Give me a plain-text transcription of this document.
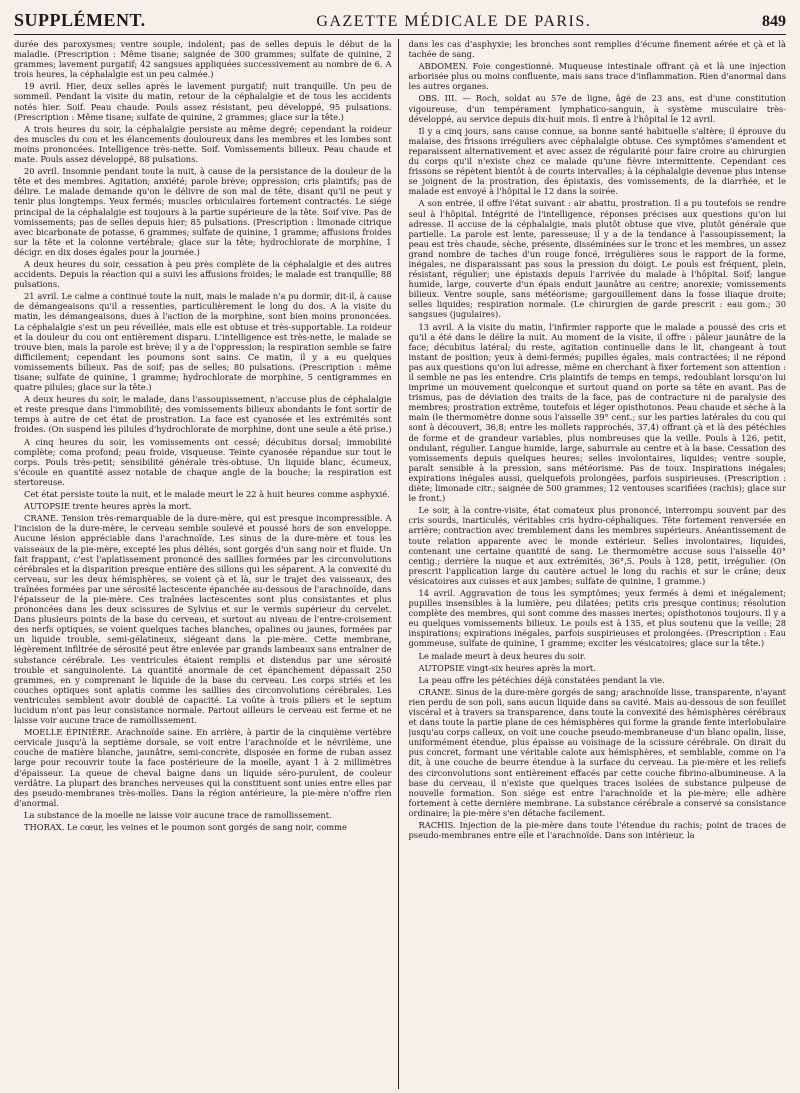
SUPPLÉMENT.	GAZETTE MÉDICALE DE PARIS.	849

durée des paroxysmes; ventre souple, indolent; pas de selles depuis le début de la maladie. (Prescription : Même tisane; saignée de 300 grammes; sulfate de quinine, 2 grammes; lavement purgatif; 42 sangsues appliquées successivement au nombre de 6. A trois heures, la céphalalgie est un peu calmée.)

19 avril. Hier, deux selles après le lavement purgatif; nuit tranquille. Un peu de sommeil. Pendant la visite du matin, retour de la céphalalgie et de tous les accidents notés hier. Soif. Peau chaude. Pouls assez résistant, peu développé, 95 pulsations. (Prescription : Même tisane; sulfate de quinine, 2 grammes; glace sur la tête.)

A trois heures du soir, la céphalalgie persiste au même degré; cependant la roideur des muscles du cou et les élancements douloureux dans les membres et les lombes sont moins prononcées. Intelligence très-nette. Soif. Vomissements bilieux. Peau chaude et mate. Pouls assez développé, 88 pulsations.

20 avril. Insomnie pendant toute la nuit, à cause de la persistance de la douleur de la tête et des membres. Agitation; anxiété; parole brève; oppression; cris plaintifs; pas de délire. Le malade demande qu'on le délivre de son mal de tête, disant qu'il ne peut y tenir plus longtemps. Yeux fermés; muscles orbiculaires fortement contractés. Le siége principal de la céphalalgie est toujours à la partie supérieure de la tête. Soif vive. Pas de vomissements; pas de selles depuis hier; 85 pulsations. (Prescription : limonade citrique avec bicarbonate de potasse, 6 grammes; sulfate de quinine, 1 gramme; affusions froides sur la tête et la colonne vertébrale; glace sur la tête; hydrochlorate de morphine, 1 décigr. en dix doses égales pour la journée.)

A deux heures du soir, cessation à peu près complète de la céphalalgie et des autres accidents. Depuis la réaction qui a suivi les affusions froides; le malade est tranquille; 88 pulsations.

21 avril. Le calme a continué toute la nuit, mais le malade n'a pu dormir, dit-il, à cause de démangeaisons qu'il a ressenties, particulièrement le long du dos. A la visite du matin, les démangeaisons, dues à l'action de la morphine, sont bien moins prononcées. La céphalalgie s'est un peu réveillée, mais elle est obtuse et très-supportable. La roideur et la douleur du cou ont entièrement disparu. L'intelligence est très-nette, le malade se trouve bien, mais la parole est brève; il y a de l'oppression; la respiration semble se faire difficilement; cependant les poumons sont sains. Ce matin, il y a eu quelques vomissements bilieux. Pas de soif; pas de selles; 80 pulsations. (Prescription : même tisane; sulfate de quinine, 1 gramme; hydrochlorate de morphine, 5 centigrammes en quatre pilules; glace sur la tête.)

A deux heures du soir, le malade, dans l'assoupissement, n'accuse plus de céphalalgie et reste presque dans l'immobilité; des vomissements bilieux abondants le font sortir de temps à autre de cet état de prostration. La face est cyanosée et les extrémités sont froides. (On suspend les pilules d'hydrochlorate de morphine, dont une seule a été prise.)

A cinq heures du soir, les vomissements ont cessé; décubitus dorsal; immobilité complète; coma profond; peau froide, visqueuse. Teinte cyanosée répandue sur tout le corps. Pouls très-petit; sensibilité générale très-obtuse. Un liquide blanc, écumeux, s'écoule en quantité assez notable de chaque angle de la bouche; la respiration est stertoreuse.

Cet état persiste toute la nuit, et le malade meurt le 22 à huit heures comme asphyxié.

AUTOPSIE trente heures après la mort.

CRANE. Tension très-remarquable de la dure-mère, qui est presque incompressible. A l'incision de la dure-mère, le cerveau semble soulevé et poussé hors de son enveloppe. Aucune lésion appréciable dans l'arachnoïde. Les sinus de la dure-mère et tous les vaisseaux de la pie-mère, excepté les plus déliés, sont gorgés d'un sang noir et fluide. Un fait frappant, c'est l'aplatissement prononcé des saillies formées par les circonvolutions cérébrales et la disparition presque entière des sillons qui les séparent. A la convexité du cerveau, sur les deux hémisphères, se voient çà et là, sur le trajet des vaisseaux, des traînées formées par une sérosité lactescente épanchée au-dessous de l'arachnoïde, dans l'épaisseur de la pie-mère. Ces traînées lactescentes sont plus consistantes et plus prononcées dans les deux scissures de Sylvius et sur le vermis supérieur du cervelet. Dans plusieurs points de la base du cerveau, et surtout au niveau de l'entre-croisement des nerfs optiques, se voient quelques taches blanches, opalines ou jaunes, formées par un liquide trouble, semi-gélatineux, siégeant dans la pie-mère. Cette membrane, légèrement infiltrée de sérosité peut être enlevée par grands lambeaux sans entraîner de substance cérébrale. Les ventricules étaient remplis et distendus par une sérosité trouble et sanguinolente. La quantité anormale de cet épanchement dépassait 250 grammes, en y comprenant le liquide de la base du cerveau. Les corps striés et les couches optiques sont aplatis comme les saillies des circonvolutions cérébrales. Les ventricules semblent avoir doublé de capacité. La voûte à trois piliers et le septum lucidum n'ont pas leur consistance normale. Partout ailleurs le cerveau est ferme et ne laisse voir aucune trace de ramollissement.

MOELLE ÉPINIÈRE. Arachnoïde saine. En arrière, à partir de la cinquième vertèbre cervicale jusqu'à la septième dorsale, se voit entre l'arachnoïde et le névrilème, une couche de matière blanche, jaunâtre, semi-concrète, disposée en forme de ruban assez large pour recouvrir toute la face postérieure de la moelle, ayant 1 à 2 millimètres d'épaisseur. La queue de cheval baigne dans un liquide séro-purulent, de couleur verdâtre. La plupart des branches nerveuses qui la constituent sont unies entre elles par des pseudo-membranes très-molles. Dans la région antérieure, la pie-mère n'offre rien d'anormal.

La substance de la moelle ne laisse voir aucune trace de ramollissement.

THORAX. Le cœur, les veines et le poumon sont gorgés de sang noir, comme

dans les cas d'asphyxie; les bronches sont remplies d'écume finement aérée et çà et là tachée de sang.

ABDOMEN. Foie congestionné. Muqueuse intestinale offrant çà et là une injection arborisée plus ou moins confluente, mais sans trace d'inflammation. Rien d'anormal dans les autres organes.

OBS. III. — Roch, soldat au 57e de ligne, âgé de 23 ans, est d'une constitution vigoureuse, d'un tempérament lymphatico-sanguin, à système musculaire très-développé, au service depuis dix-huit mois. Il entre à l'hôpital le 12 avril.

Il y a cinq jours, sans cause connue, sa bonne santé habituelle s'altère; il éprouve du malaise, des frissons irréguliers avec céphalalgie obtuse. Ces symptômes s'amendent et reparaissent alternativement et avec assez de régularité pour faire croire au chirurgien du corps qu'il n'existe chez ce malade qu'une fièvre intermittente. Cependant ces frissons se répètent bientôt à de courts intervalles; à la céphalalgie devenue plus intense se joignent de la prostration, des épistaxis, des vomissements, de la diarrhée, et le malade est envoyé à l'hôpital le 12 dans la soirée.

A son entrée, il offre l'état suivant : air abattu, prostration. Il a pu toutefois se rendre seul à l'hôpital. Intégrité de l'intelligence, réponses précises aux questions qu'on lui adresse. Il accuse de la céphalalgie, mais plutôt obtuse que vive, plutôt générale que partielle. La parole est lente, paresseuse; il y a de la tendance à l'assoupissement; la peau est très chaude, sèche, présente, disséminées sur le tronc et les membres, un assez grand nombre de taches d'un rouge foncé, irrégulières sous le rapport de la forme, inégales, ne disparaissant pas sous la pression du doigt. Le pouls est fréquent, plein, résistant, régulier; une épistaxis depuis l'arrivée du malade à l'hôpital. Soif; langue humide, large, couverte d'un épais enduit jaunâtre au centre; anorexie; vomissements bilieux. Ventre souple, sans météorisme; gargouillement dans la fosse iliaque droite; selles liquides; respiration normale. (Le chirurgien de garde prescrit : eau gom.; 30 sangsues (jugulaires).

13 avril. A la visite du matin, l'infirmier rapporte que le malade a poussé des cris et qu'il a été dans le délire la nuit. Au moment de la visite, il offre : pâleur jaunâtre de la face; décubitus latéral; du reste, agitation continuelle dans le lit, changeant à tout instant de position; yeux à demi-fermés; pupilles égales, mais contractées; il ne répond pas aux questions qu'on lui adresse, même en cherchant à fixer fortement son attention : il semble ne pas les entendre. Cris plaintifs de temps en temps, redoublant lorsqu'on lui imprime un mouvement quelconque et surtout quand on porte sa tête en avant. Pas de trismus, pas de déviation des traits de la face, pas de contracture ni de paralysie des membres; prostration extrême, toutefois et léger opisthotonos. Peau chaude et sèche à la main (le thermomètre donne sous l'aisselle 39° cent.; sur les parties latérales du cou qui sont à découvert, 36,8; entre les mollets rapprochés, 37,4) offrant çà et là des pétéchies de forme et de grandeur variables, plus nombreuses que la veille. Pouls à 126, petit, ondulant, régulier. Langue humide, large, saburrale au centre et à la base. Cessation des vomissements depuis quelques heures; selles involontaires, liquides; ventre souple, paraît sensible à la pression, sans météorisme. Pas de toux. Inspirations inégales; expirations inégales aussi, quelquefois prolongées, parfois suspirieuses. (Prescription : diète; limonade citr.; saignée de 500 grammes; 12 ventouses scarifiées (rachis); glace sur le front.)

Le soir, à la contre-visite, état comateux plus prononcé, interrompu souvent par des cris sourds, inarticulés, véritables cris hydro-céphaliques. Tête fortement renversée en arrière; contraction avec tremblement dans les membres supérieurs. Anéantissement de toute relation apparente avec le monde extérieur. Selles involontaires, liquides, contenant une certaine quantité de sang. Le thermomètre accuse sous l'aisselle 40° centig.; derrière la nuque et aux extrémités, 36°,5. Pouls à 128, petit, irrégulier. (On prescrit l'application large du cautère actuel le long du rachis et sur le crâne; deux vésicatoires aux cuisses et aux jambes; sulfate de quinine, 1 gramme.)

14 avril. Aggravation de tous les symptômes; yeux fermés à demi et inégalement; pupilles insensibles à la lumière, peu dilatées; petits cris presque continus; résolution complète des membres, qui sont comme des masses inertes; opisthotonos toujours. Il y a eu quelques vomissements bilieux. Le pouls est à 135, et plus soutenu que la veille; 28 inspirations; expirations inégales, parfois suspirieuses et prolongées. (Prescription : Eau gommeuse, sulfate de quinine, 1 gramme; exciter les vésicatoires; glace sur la tête.)

Le malade meurt à deux heures du soir.

AUTOPSIE vingt-six heures après la mort.

La peau offre les pétéchies déjà constatées pendant la vie.

CRANE. Sinus de la dure-mère gorgés de sang; arachnoïde lisse, transparente, n'ayant rien perdu de son poli, sans aucun liquide dans sa cavité. Mais au-dessous de son feuillet viscéral et à travers sa transparence, dans toute la convexité des hémisphères cérébraux et dans toute la partie plane de ces hémisphères qui forme la grande fente interlobulaire jusqu'au corps calleux, on voit une couche pseudo-membraneuse d'un blanc opalin, lisse, uniformément étendue, plus épaisse au voisinage de la scissure cérébrale. On dirait du pus concret, formant une véritable calote aux hémisphères, et semblable, comme on l'a dit, à une couche de beurre étendue à la surface du cerveau. La pie-mère et les reliefs des circonvolutions sont entièrement effacés par cette couche fibrino-albumineuse. A la base du cerveau, il n'existe que quelques traces isolées de substance pulpeuse de nouvelle formation. Son siége est entre l'arachnoïde et la pie-mère; elle adhère fortement à cette dernière membrane. La substance cérébrale a conservé sa consistance ordinaire; la pie-mère s'en détache facilement.

RACHIS. Injection de la pie-mère dans toute l'étendue du rachis; point de traces de pseudo-membranes entre elle et l'arachnoïde. Dans son intérieur, la
